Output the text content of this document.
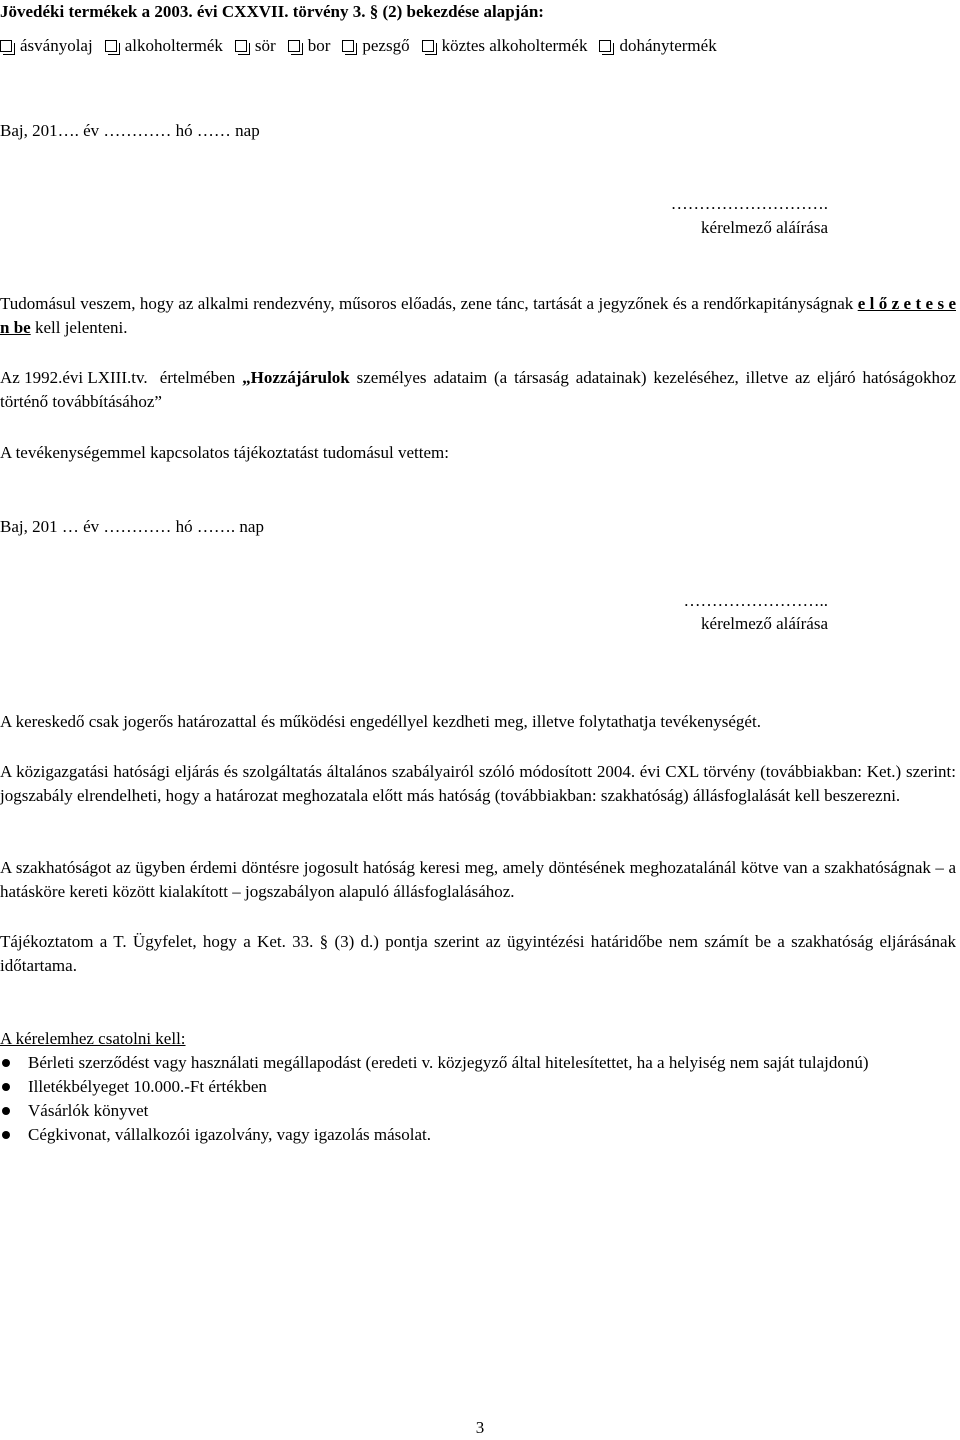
Jövedéki termékek a 2003. évi CXXVII. törvény 3. § (2) bekezdése alapján:
ásványolaj alkoholtermék sör bor pezsgő köztes alkoholtermék dohánytermék
Baj, 201…. év ………… hó …… nap
……………………….
kérelmező aláírása
Tudomásul veszem, hogy az alkalmi rendezvény, műsoros előadás, zene tánc, tartását a jegyzőnek és a rendőrkapitányságnak e l ő z e t e s e n be kell jelenteni.
Az 1992.évi LXIII.tv. értelmében „Hozzájárulok személyes adataim (a társaság adatainak) kezeléséhez, illetve az eljáró hatóságokhoz történő továbbításához”
A tevékenységemmel kapcsolatos tájékoztatást tudomásul vettem:
Baj, 201 … év ………… hó ……. nap
……………………..
kérelmező aláírása
A kereskedő csak jogerős határozattal és működési engedéllyel kezdheti meg, illetve folytathatja tevékenységét.
A közigazgatási hatósági eljárás és szolgáltatás általános szabályairól szóló módosított 2004. évi CXL törvény (továbbiakban: Ket.) szerint: jogszabály elrendelheti, hogy a határozat meghozatala előtt más hatóság (továbbiakban: szakhatóság) állásfoglalását kell beszerezni.
A szakhatóságot az ügyben érdemi döntésre jogosult hatóság keresi meg, amely döntésének meghozatalánál kötve van a szakhatóságnak – a hatásköre kereti között kialakított – jogszabályon alapuló állásfoglalásához.
Tájékoztatom a T. Ügyfelet, hogy a Ket. 33. § (3) d.) pontja szerint az ügyintézési határidőbe nem számít be a szakhatóság eljárásának időtartama.
A kérelemhez csatolni kell:
Bérleti szerződést vagy használati megállapodást (eredeti v. közjegyző által hitelesítettet, ha a helyiség nem saját tulajdonú)
Illetékbélyeget 10.000.-Ft értékben
Vásárlók könyvet
Cégkivonat, vállalkozói igazolvány, vagy igazolás másolat.
3
